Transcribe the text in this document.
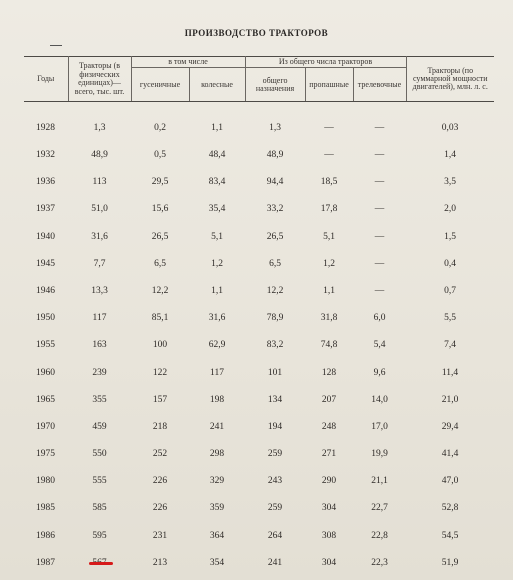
ПРОИЗВОДСТВО ТРАКТОРОВ
Годы	Тракторы (в физических единицах)— всего, тыс. шт.	в том числе		Из общего числа тракторов			Тракторы (по суммарной мощности двигателей), млн. л. с.
		гусеничные	колесные	общего назначения	пропашные	трелевочные	
1928	1,3	0,2	1,1	1,3	—	—	0,03
1932	48,9	0,5	48,4	48,9	—	—	1,4
1936	113	29,5	83,4	94,4	18,5	—	3,5
1937	51,0	15,6	35,4	33,2	17,8	—	2,0
1940	31,6	26,5	5,1	26,5	5,1	—	1,5
1945	7,7	6,5	1,2	6,5	1,2	—	0,4
1946	13,3	12,2	1,1	12,2	1,1	—	0,7
1950	117	85,1	31,6	78,9	31,8	6,0	5,5
1955	163	100	62,9	83,2	74,8	5,4	7,4
1960	239	122	117	101	128	9,6	11,4
1965	355	157	198	134	207	14,0	21,0
1970	459	218	241	194	248	17,0	29,4
1975	550	252	298	259	271	19,9	41,4
1980	555	226	329	243	290	21,1	47,0
1985	585	226	359	259	304	22,7	52,8
1986	595	231	364	264	308	22,8	54,5
1987		213	354	241	304	22,3	51,9
